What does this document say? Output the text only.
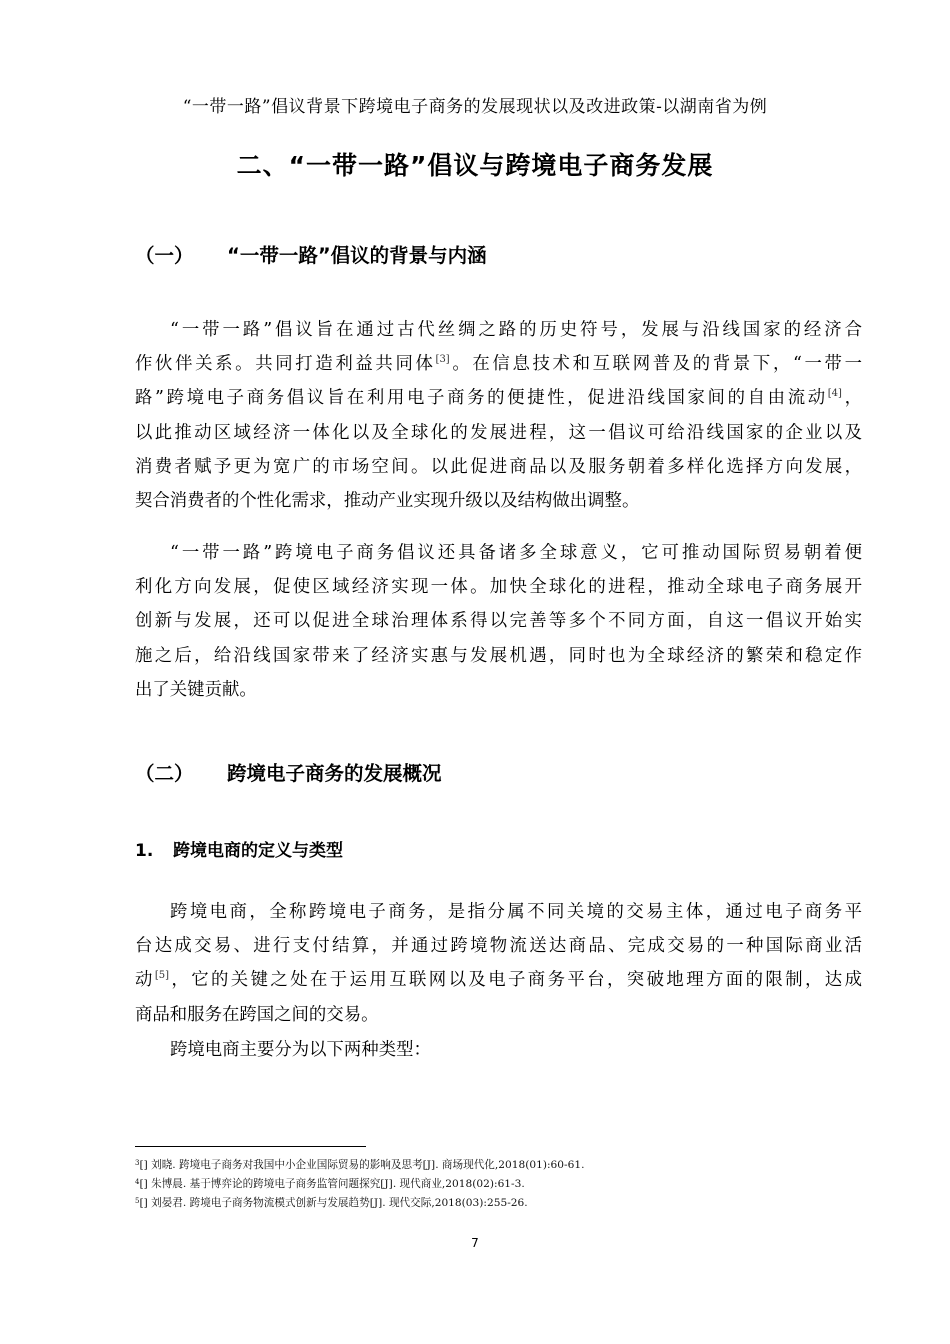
“一带一路”倡议背景下跨境电子商务的发展现状以及改进政策-以湖南省为例
二、“一带一路”倡议与跨境电子商务发展
（一） “一带一路”倡议的背景与内涵
“一带一路”倡议旨在通过古代丝绸之路的历史符号，发展与沿线国家的经济合
作伙伴关系。共同打造利益共同体[3]。在信息技术和互联网普及的背景下，“一带一
路”跨境电子商务倡议旨在利用电子商务的便捷性，促进沿线国家间的自由流动[4]，
以此推动区域经济一体化以及全球化的发展进程，这一倡议可给沿线国家的企业以及
消费者赋予更为宽广的市场空间。以此促进商品以及服务朝着多样化选择方向发展，
契合消费者的个性化需求，推动产业实现升级以及结构做出调整。
“一带一路”跨境电子商务倡议还具备诸多全球意义，它可推动国际贸易朝着便
利化方向发展，促使区域经济实现一体。加快全球化的进程，推动全球电子商务展开
创新与发展，还可以促进全球治理体系得以完善等多个不同方面，自这一倡议开始实
施之后，给沿线国家带来了经济实惠与发展机遇，同时也为全球经济的繁荣和稳定作
出了关键贡献。
（二） 跨境电子商务的发展概况
1. 跨境电商的定义与类型
跨境电商，全称跨境电子商务，是指分属不同关境的交易主体，通过电子商务平
台达成交易、进行支付结算，并通过跨境物流送达商品、完成交易的一种国际商业活
动[5]，它的关键之处在于运用互联网以及电子商务平台，突破地理方面的限制，达成
商品和服务在跨国之间的交易。
跨境电商主要分为以下两种类型：
$^3$[] 刘晓. 跨境电子商务对我国中小企业国际贸易的影响及思考[J]. 商场现代化,2018(01):60-61.
$^4$[] 朱博晨. 基于博弈论的跨境电子商务监管问题探究[J]. 现代商业,2018(02):61-3.
$^5$[] 刘晏君. 跨境电子商务物流模式创新与发展趋势[J]. 现代交际,2018(03):255-26.
7
